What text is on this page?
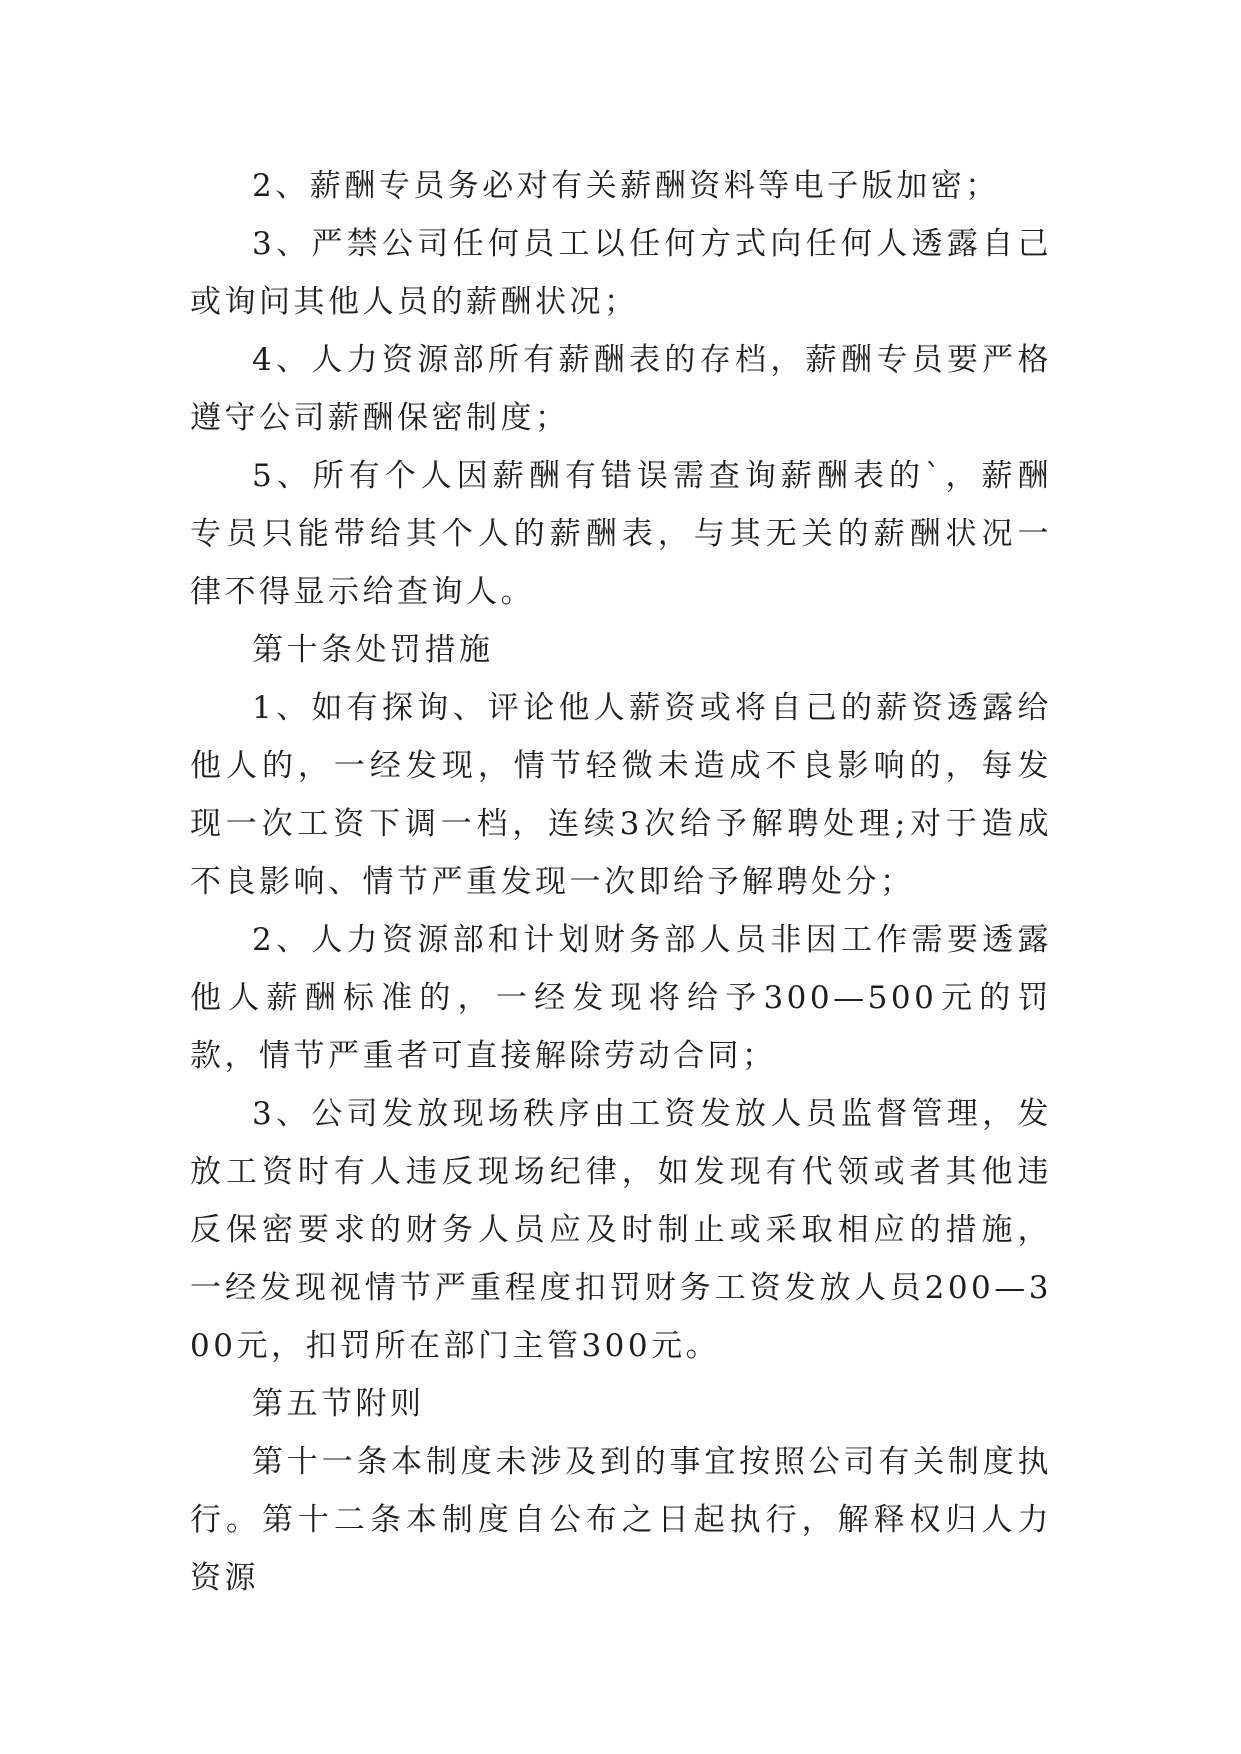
2、薪酬专员务必对有关薪酬资料等电子版加密；

3、严禁公司任何员工以任何方式向任何人透露自己或询问其他人员的薪酬状况；

4、人力资源部所有薪酬表的存档，薪酬专员要严格遵守公司薪酬保密制度；

5、所有个人因薪酬有错误需查询薪酬表的`，薪酬专员只能带给其个人的薪酬表，与其无关的薪酬状况一律不得显示给查询人。

第十条处罚措施

1、如有探询、评论他人薪资或将自己的薪资透露给他人的，一经发现，情节轻微未造成不良影响的，每发现一次工资下调一档，连续3次给予解聘处理;对于造成不良影响、情节严重发现一次即给予解聘处分；

2、人力资源部和计划财务部人员非因工作需要透露他人薪酬标准的，一经发现将给予300—500元的罚款，情节严重者可直接解除劳动合同；

3、公司发放现场秩序由工资发放人员监督管理，发放工资时有人违反现场纪律，如发现有代领或者其他违反保密要求的财务人员应及时制止或采取相应的措施，一经发现视情节严重程度扣罚财务工资发放人员200—300元，扣罚所在部门主管300元。

第五节附则

第十一条本制度未涉及到的事宜按照公司有关制度执行。第十二条本制度自公布之日起执行，解释权归人力资源
